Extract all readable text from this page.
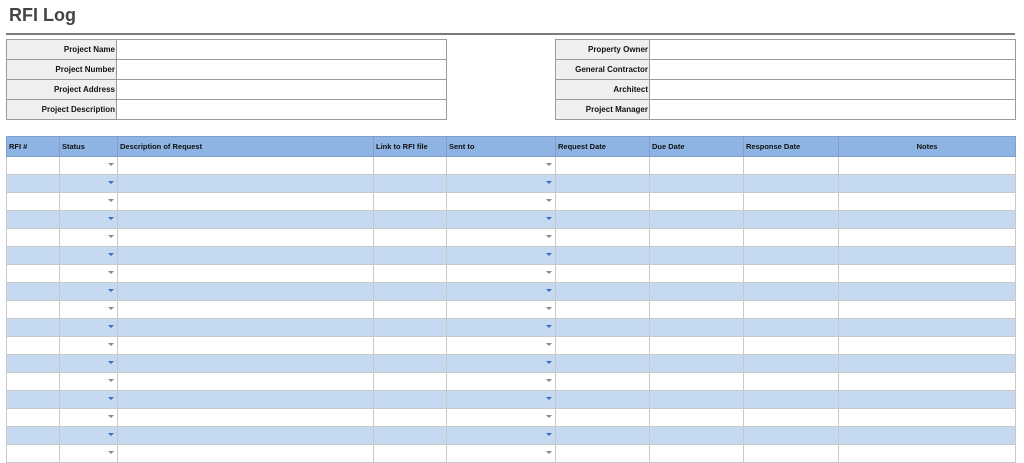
RFI Log
Project Name	
Project Number	
Project Address	
Project Description	
Property Owner	
General Contractor	
Architect	
Project Manager	
RFI #	Status	Description of Request	Link to RFI file	Sent to	Request Date	Due Date	Response Date	Notes
